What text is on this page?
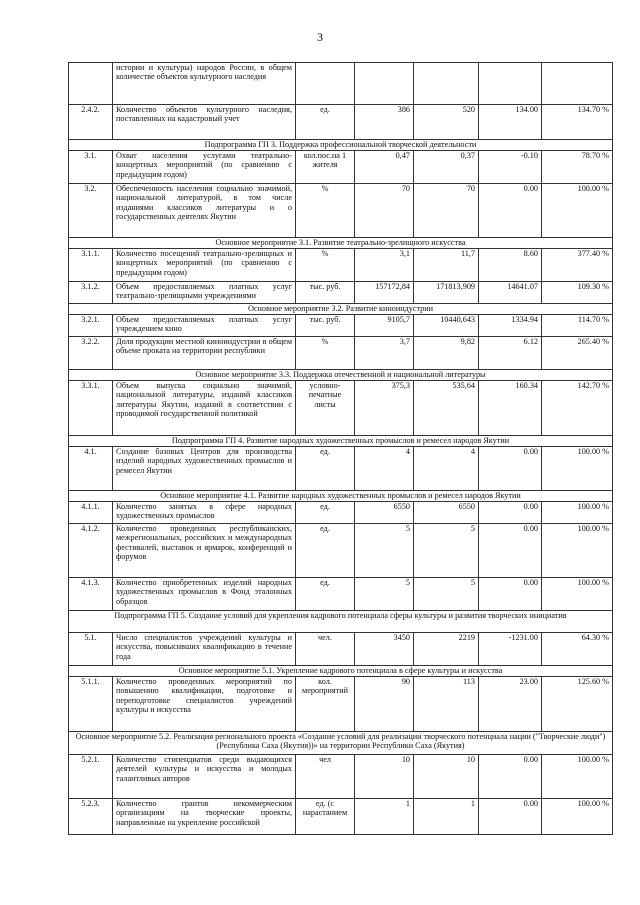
3
	истории и культуры) народов России, в общем количестве объектов культурного наследия					
2.4.2.	Количество объектов культурного наследия, поставленных на кадастровый учет	ед.	386	520	134.00	134.70 %
Подпрограмма ГП 3. Поддержка профессиональной творческой деятельности						
3.1.	Охват населения услугами театрально-концертных мероприятий (по сравнению с предыдущим годом)	кол.пос.на 1 жителя	0,47	0,37	-0.10	78.70 %
3.2.	Обеспеченность населения социально значимой, национальной литературой, в том числе изданиями классиков литературы и о государственных деятелях Якутии	%	70	70	0.00	100.00 %
Основное мероприятие 3.1. Развитие театрально-зрелищного искусства						
3.1.1.	Количество посещений театрально-зрелищных и концертных мероприятий (по сравнению с предыдущим годом)	%	3,1	11,7	8.60	377.40 %
3.1.2.	Объем предоставляемых платных услуг театрально-зрелищными учреждениями	тыс. руб.	157172,84	171813,909	14641.07	109.30 %
Основное мероприятие 3.2. Развитие киноиндустрии						
3.2.1.	Объем предоставляемых платных услуг учреждением кино	тыс. руб.	9105,7	10440,643	1334.94	114.70 %
3.2.2.	Доля продукции местной киноиндустрии в общем объеме проката на территории республики	%	3,7	9,82	6.12	265.40 %
Основное мероприятие 3.3. Поддержка отечественной и национальной литературы						
3.3.1.	Объем выпуска социально значимой, национальной литературы, изданий классиков литературы Якутии, изданий в соответствии с проводимой государственной политикой	условно-печатные листы	375,3	535,64	160.34	142.70 %
Подпрограмма ГП 4. Развитие народных художественных промыслов и ремесел народов Якутии						
4.1.	Создание базовых Центров для производства изделий народных художественных промыслов и ремесел Якутии	ед.	4	4	0.00	100.00 %
Основное мероприятие 4.1. Развитие народных художественных промыслов и ремесел народов Якутии						
4.1.1.	Количество занятых в сфере народных художественных промыслов	ед.	6550	6550	0.00	100.00 %
4.1.2.	Количество проведенных республиканских, межрегиональных, российских и международных фестивалей, выставок и ярмарок, конференций и форумов	ед.	5	5	0.00	100.00 %
4.1.3.	Количество приобретенных изделий народных художественных промыслов в Фонд эталонных образцов	ед.	5	5	0.00	100.00 %
Подпрограмма ГП 5. Создание условий для укрепления кадрового потенциала сферы культуры и развития творческих инициатив						
5.1.	Число специалистов учреждений культуры и искусства, повысивших квалификацию в течение года	чел.	3450	2219	-1231.00	64.30 %
Основное мероприятие 5.1. Укрепление кадрового потенциала в сфере культуры и искусства						
5.1.1.	Количество проведенных мероприятий по повышению квалификации, подготовке и переподготовке специалистов учреждений культуры и искусства	кол. мероприятий	90	113	23.00	125.60 %
Основное мероприятие 5.2. Реализация регионального проекта «Создание условий для реализации творческого потенциала нации ("Творческие люди") (Республика Саха (Якутия))» на территории Республики Саха (Якутия)						
5.2.1.	Количество стипендиатов среди выдающихся деятелей культуры и искусства и молодых талантливых авторов	чел	10	10	0.00	100.00 %
5.2.3.	Количество грантов некоммерческим организациям на творческие проекты, направленные на укрепление российской	ед. (с нарастанием	1	1	0.00	100.00 %
